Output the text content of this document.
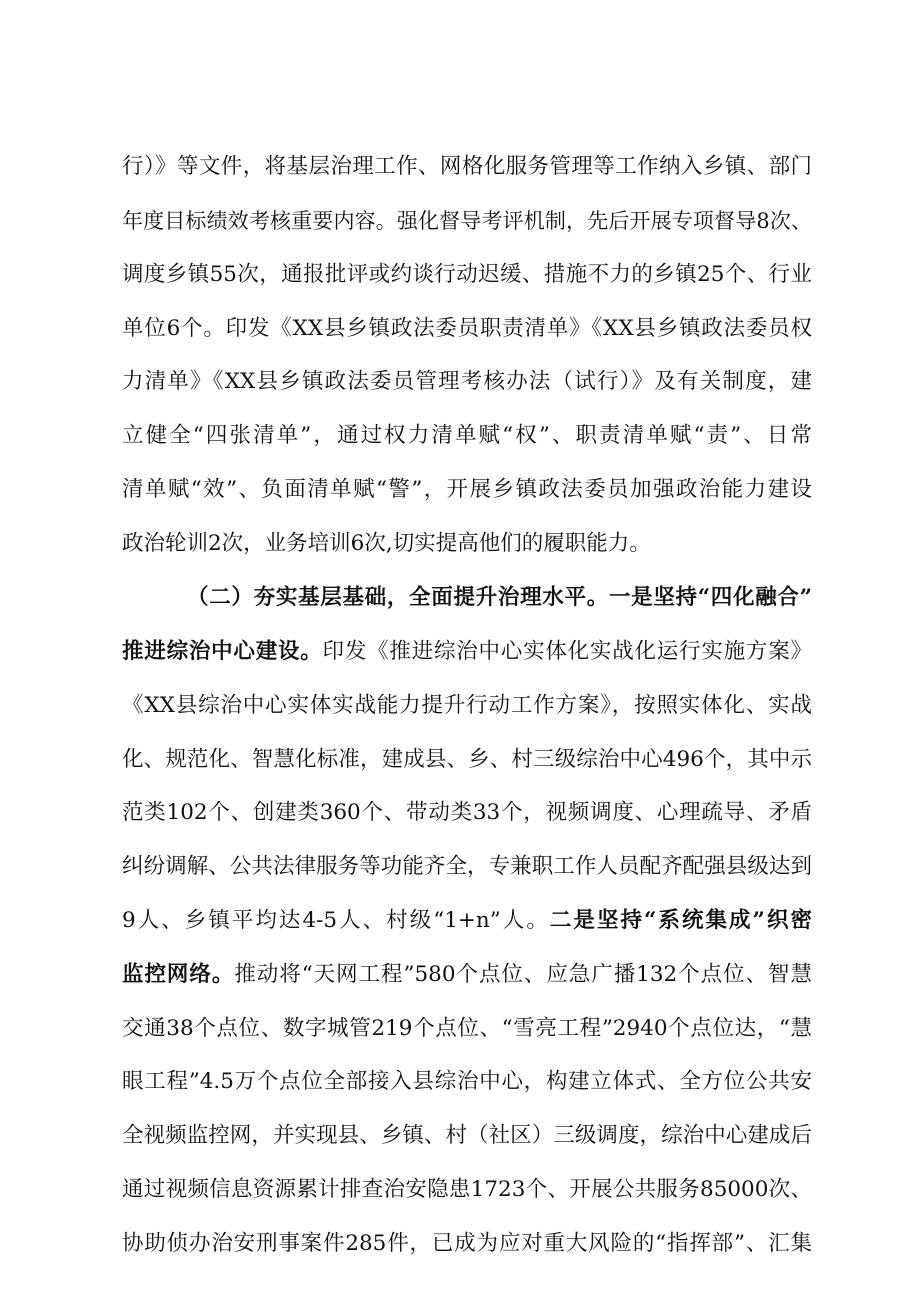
行）》等文件，将基层治理工作、网格化服务管理等工作纳入乡镇、部门
年度目标绩效考核重要内容。强化督导考评机制，先后开展专项督导8次、
调度乡镇55次，通报批评或约谈行动迟缓、措施不力的乡镇25个、行业
单位6个。印发《XX县乡镇政法委员职责清单》《XX县乡镇政法委员权
力清单》《XX县乡镇政法委员管理考核办法（试行）》及有关制度，建
立健全“四张清单”，通过权力清单赋“权”、职责清单赋“责”、日常
清单赋“效”、负面清单赋“警”，开展乡镇政法委员加强政治能力建设
政治轮训2次，业务培训6次,切实提高他们的履职能力。
（二）夯实基层基础，全面提升治理水平。一是坚持“四化融合”
推进综治中心建设。印发《推进综治中心实体化实战化运行实施方案》
《XX县综治中心实体实战能力提升行动工作方案》，按照实体化、实战
化、规范化、智慧化标准，建成县、乡、村三级综治中心496个，其中示
范类102个、创建类360个、带动类33个，视频调度、心理疏导、矛盾
纠纷调解、公共法律服务等功能齐全，专兼职工作人员配齐配强县级达到
9人、乡镇平均达4-5人、村级“1+n”人。二是坚持“系统集成”织密
监控网络。推动将“天网工程”580个点位、应急广播132个点位、智慧
交通38个点位、数字城管219个点位、“雪亮工程”2940个点位达，“慧
眼工程”4.5万个点位全部接入县综治中心，构建立体式、全方位公共安
全视频监控网，并实现县、乡镇、村（社区）三级调度，综治中心建成后
通过视频信息资源累计排查治安隐患1723个、开展公共服务85000次、
协助侦办治安刑事案件285件，已成为应对重大风险的“指挥部”、汇集
